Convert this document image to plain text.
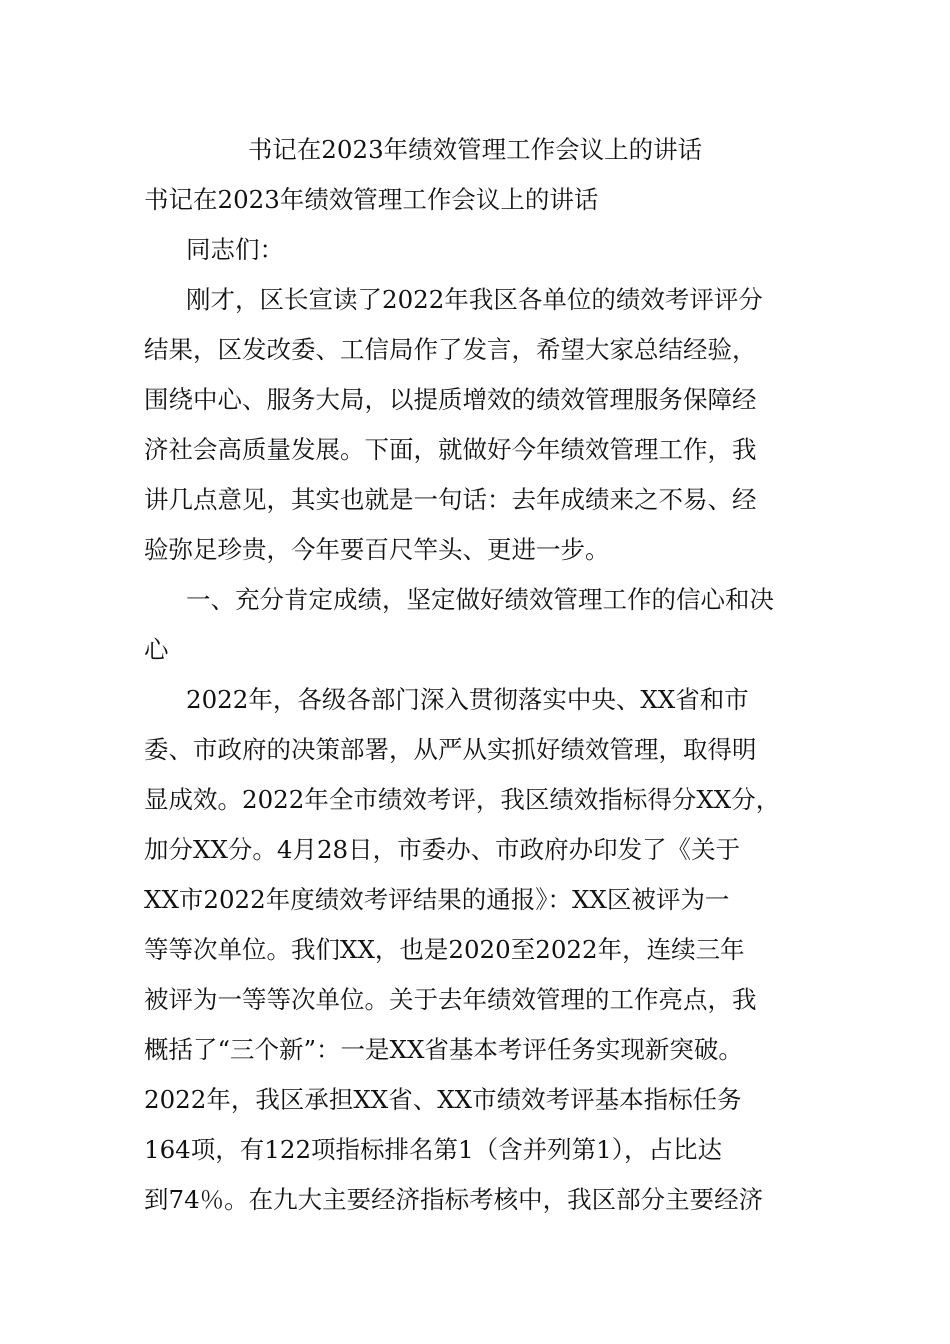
书记在2023年绩效管理工作会议上的讲话
书记在2023年绩效管理工作会议上的讲话
同志们：
刚才，区长宣读了2022年我区各单位的绩效考评评分
结果，区发改委、工信局作了发言，希望大家总结经验，
围绕中心、服务大局，以提质增效的绩效管理服务保障经
济社会高质量发展。下面，就做好今年绩效管理工作，我
讲几点意见，其实也就是一句话：去年成绩来之不易、经
验弥足珍贵，今年要百尺竿头、更进一步。
一、充分肯定成绩，坚定做好绩效管理工作的信心和决
心
2022年，各级各部门深入贯彻落实中央、XX省和市
委、市政府的决策部署，从严从实抓好绩效管理，取得明
显成效。2022年全市绩效考评，我区绩效指标得分XX分，
加分XX分。4月28日，市委办、市政府办印发了《关于
XX市2022年度绩效考评结果的通报》：XX区被评为一
等等次单位。我们XX，也是2020至2022年，连续三年
被评为一等等次单位。关于去年绩效管理的工作亮点，我
概括了“三个新”：一是XX省基本考评任务实现新突破。
2022年，我区承担XX省、XX市绩效考评基本指标任务
164项，有122项指标排名第1（含并列第1），占比达
到74％。在九大主要经济指标考核中，我区部分主要经济
